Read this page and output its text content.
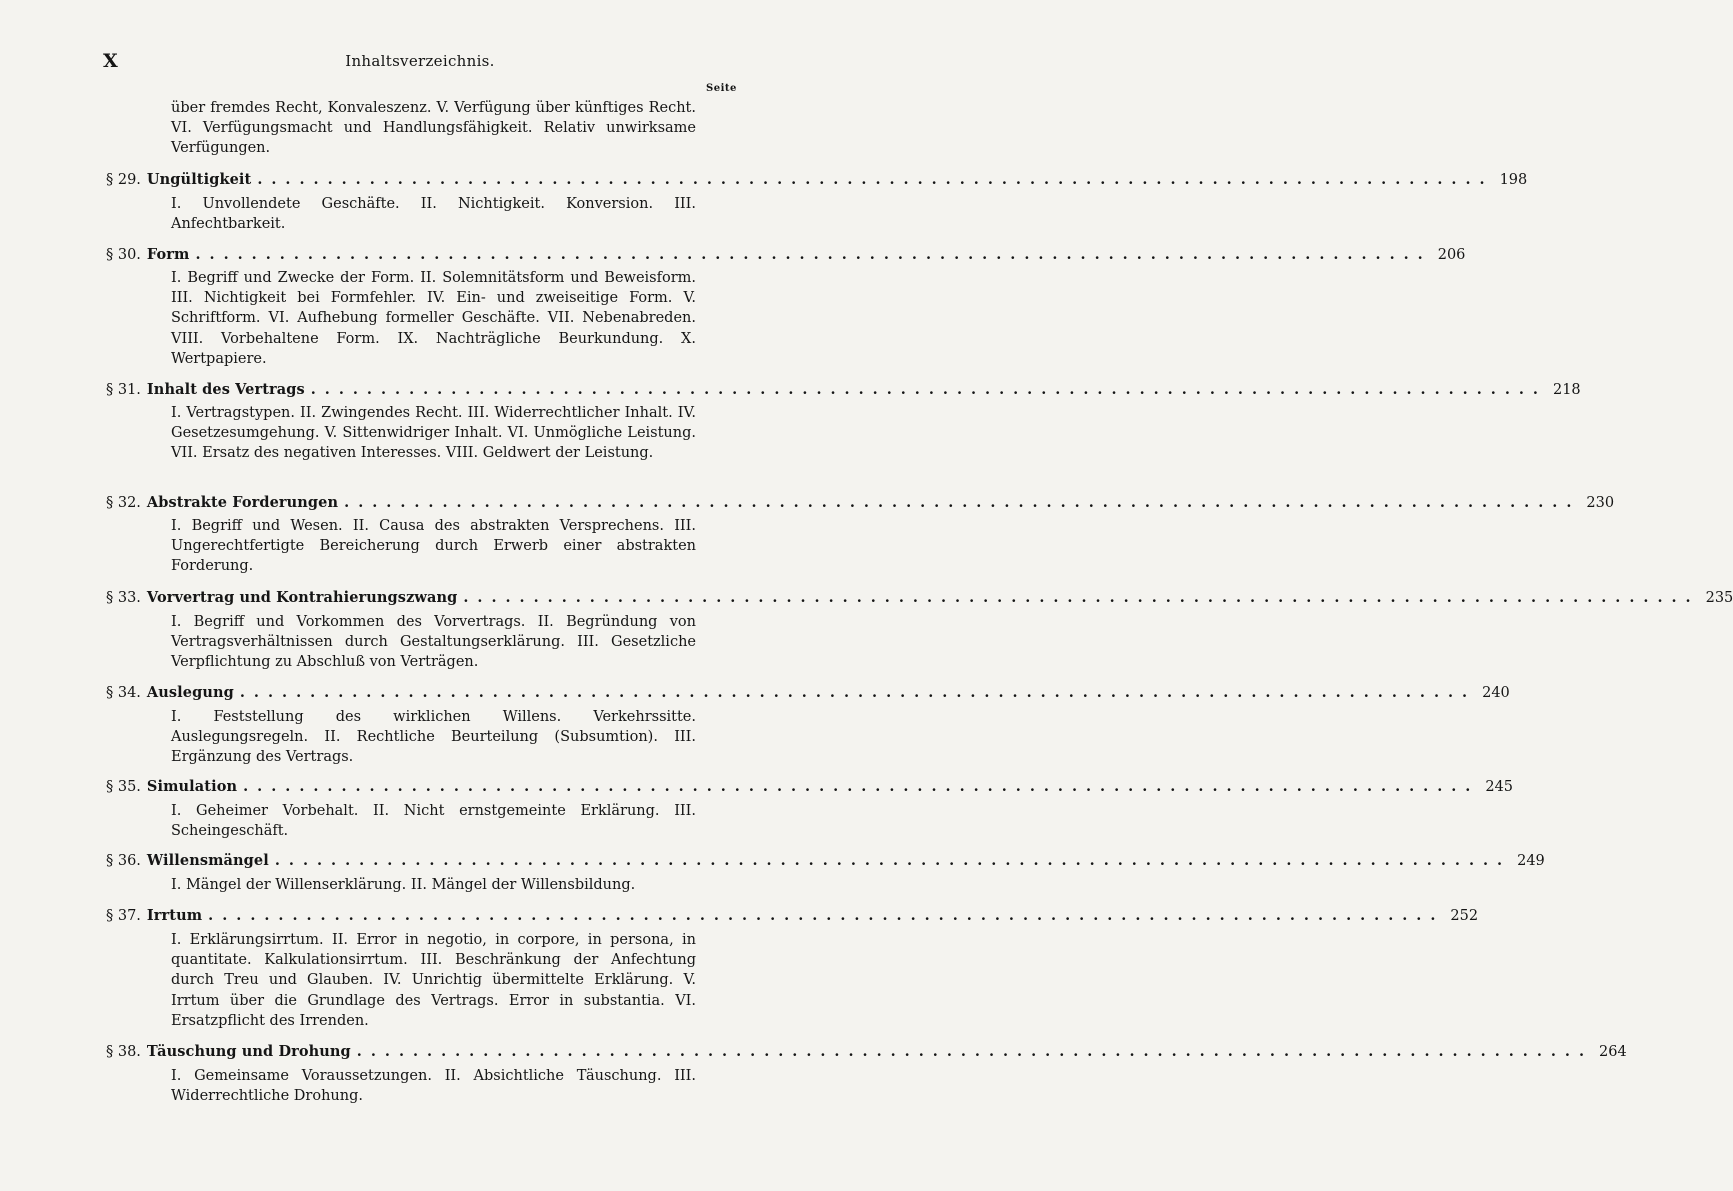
X	Inhaltsverzeichnis.
Seite
über fremdes Recht, Konvaleszenz. V. Verfügung über künftiges Recht. VI. Verfügungsmacht und Handlungsfähigkeit. Relativ unwirksame Verfügungen.
§ 29. Ungültigkeit ........................................................................................ 198
I. Unvollendete Geschäfte. II. Nichtigkeit. Konversion. III. Anfechtbarkeit.
§ 30. Form ........................................................................................ 206
I. Begriff und Zwecke der Form. II. Solemnitätsform und Beweisform. III. Nichtigkeit bei Formfehler. IV. Ein- und zweiseitige Form. V. Schriftform. VI. Aufhebung formeller Geschäfte. VII. Nebenabreden. VIII. Vorbehaltene Form. IX. Nachträgliche Beurkundung. X. Wertpapiere.
§ 31. Inhalt des Vertrags ........................................................................................ 218
I. Vertragstypen. II. Zwingendes Recht. III. Widerrechtlicher Inhalt. IV. Gesetzesumgehung. V. Sittenwidriger Inhalt. VI. Unmögliche Leistung. VII. Ersatz des negativen Interesses. VIII. Geldwert der Leistung.
§ 32. Abstrakte Forderungen ........................................................................................ 230
I. Begriff und Wesen. II. Causa des abstrakten Versprechens. III. Ungerechtfertigte Bereicherung durch Erwerb einer abstrakten Forderung.
§ 33. Vorvertrag und Kontrahierungszwang ........................................................................................ 235
I. Begriff und Vorkommen des Vorvertrags. II. Begründung von Vertragsverhältnissen durch Gestaltungserklärung. III. Gesetzliche Verpflichtung zu Abschluß von Verträgen.
§ 34. Auslegung ........................................................................................ 240
I. Feststellung des wirklichen Willens. Verkehrssitte. Auslegungsregeln. II. Rechtliche Beurteilung (Subsumtion). III. Ergänzung des Vertrags.
§ 35. Simulation ........................................................................................ 245
I. Geheimer Vorbehalt. II. Nicht ernstgemeinte Erklärung. III. Scheingeschäft.
§ 36. Willensmängel ........................................................................................ 249
I. Mängel der Willenserklärung. II. Mängel der Willensbildung.
§ 37. Irrtum ........................................................................................ 252
I. Erklärungsirrtum. II. Error in negotio, in corpore, in persona, in quantitate. Kalkulationsirrtum. III. Beschränkung der Anfechtung durch Treu und Glauben. IV. Unrichtig übermittelte Erklärung. V. Irrtum über die Grundlage des Vertrags. Error in substantia. VI. Ersatzpflicht des Irrenden.
§ 38. Täuschung und Drohung ........................................................................................ 264
I. Gemeinsame Voraussetzungen. II. Absichtliche Täuschung. III. Widerrechtliche Drohung.
